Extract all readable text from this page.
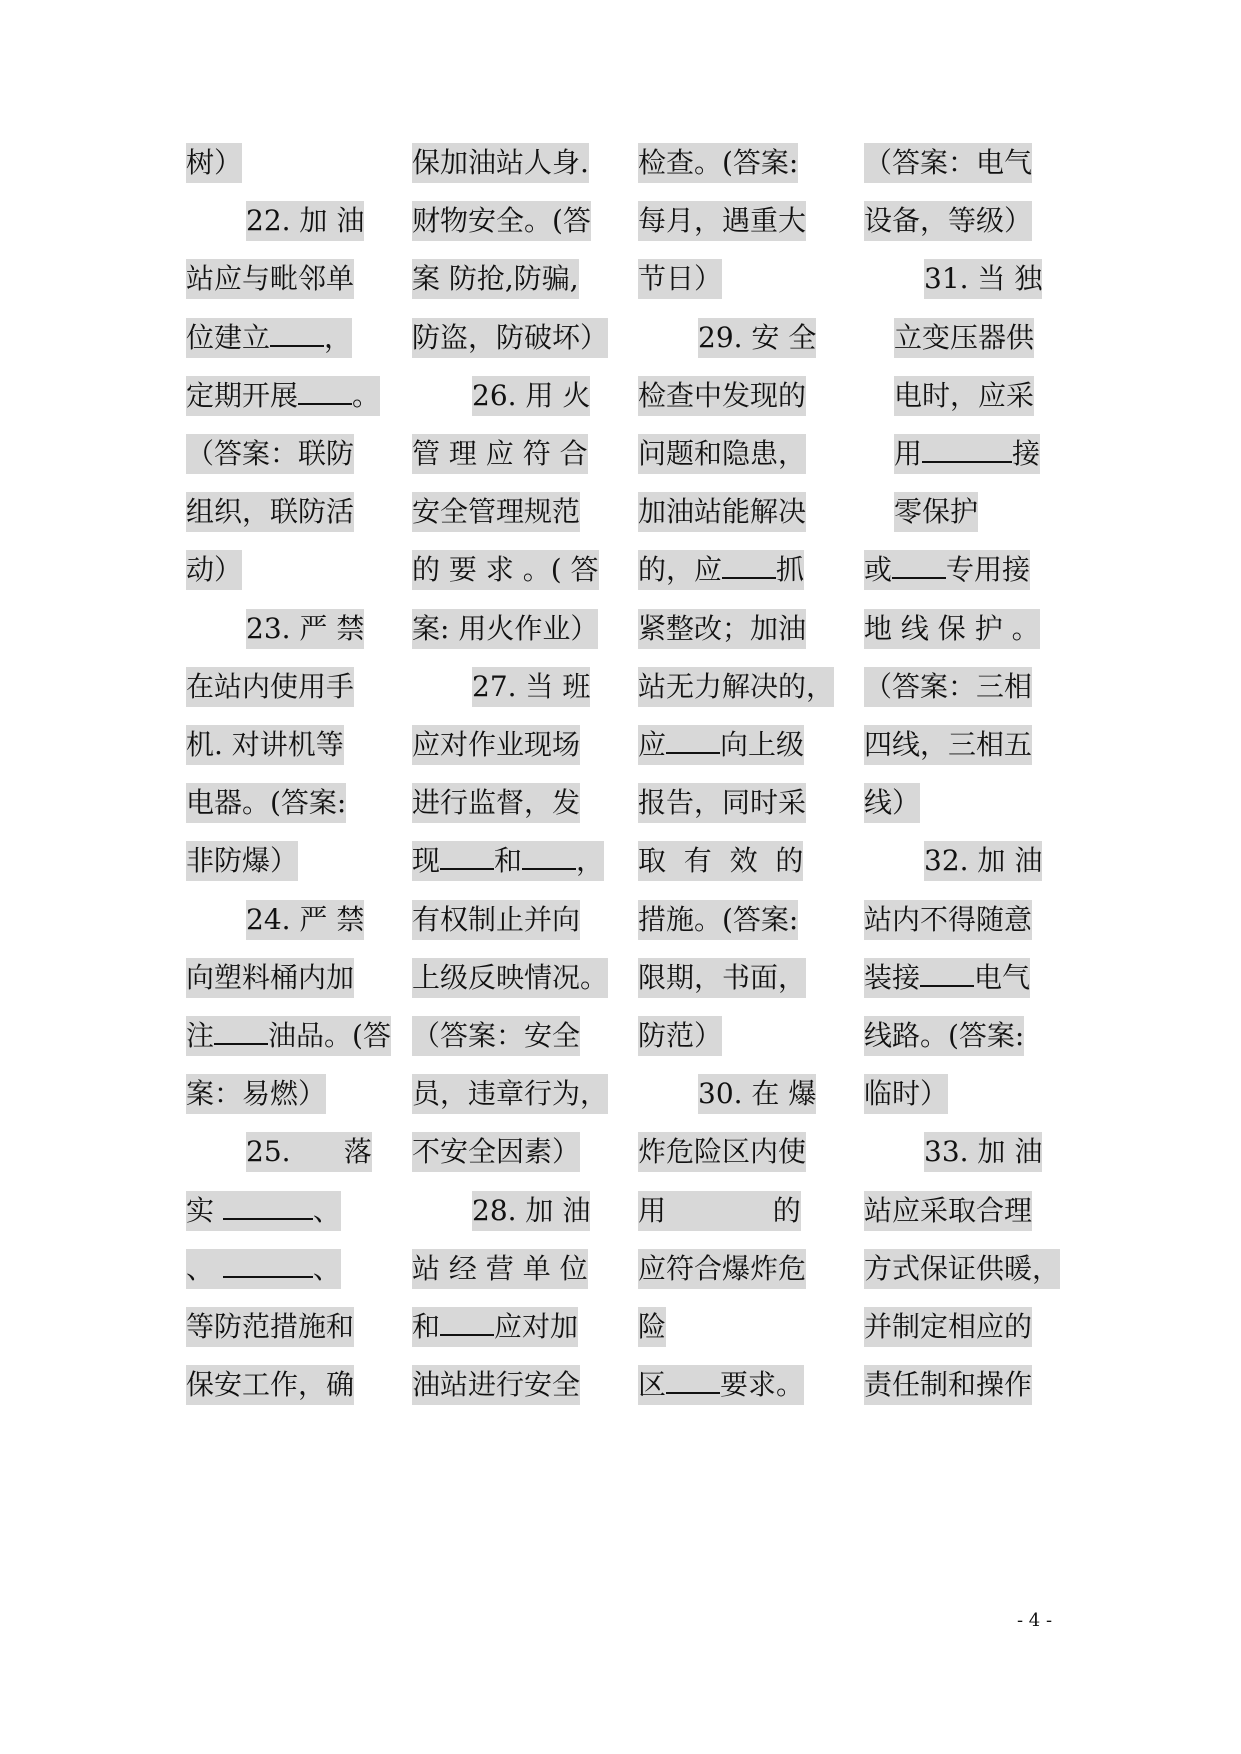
树）
22. 加 油
站应与毗邻单
位建立 ，
定期开展 。
（答案：联防
组织，联防活
动）
23. 严 禁
在站内使用手
机. 对讲机等
电器。(答案:
非防爆）
24. 严 禁
向塑料桶内加
注 油品。(答
案：易燃）
25.      落
实	、
、	、
等防范措施和
保安工作，确
保加油站人身.
财物安全。(答
案 防抢,防骗,
防盗，防破坏）
26. 用 火
管 理 应 符 合
安全管理规范
的 要 求 。( 答
案: 用火作业）
27. 当 班
应对作业现场
进行监督，发
现 和 ，
有权制止并向
上级反映情况。
（答案：安全
员，违章行为，
不安全因素）
28. 加 油
站 经 营 单 位
和 应对加
油站进行安全
检查。(答案:
每月，遇重大
节日）
29. 安 全
检查中发现的
问题和隐患，
加油站能解决
的，应 抓
紧整改；加油
站无力解决的，
应 向上级
报告，同时采
取  有  效  的
措施。(答案:
限期，书面，
防范）
30. 在 爆
炸危险区内使
用            的
应符合爆炸危
险
区 要求。
（答案：电气
设备，等级）
31. 当 独
立变压器供
电时，应采
用	接
零保护
或 专用接
地 线 保 护 。
（答案：三相
四线，三相五
线）
32. 加 油
站内不得随意
装接 电气
线路。(答案:
临时）
33. 加 油
站应采取合理
方式保证供暖，
并制定相应的
责任制和操作
- 4 -
